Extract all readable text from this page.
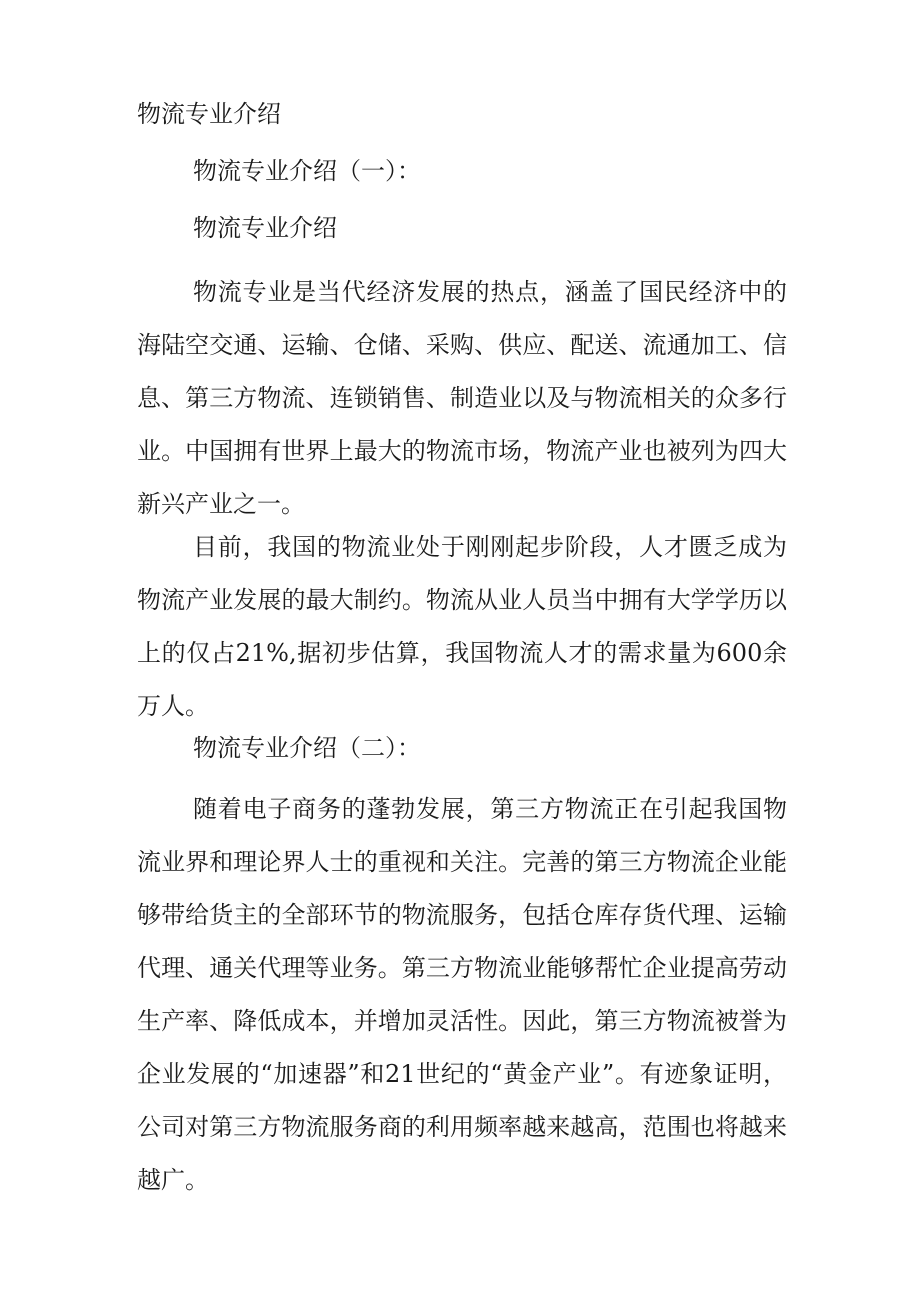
物流专业介绍
物流专业介绍（一）：
物流专业介绍

物流专业是当代经济发展的热点，涵盖了国民经济中的海陆空交通、运输、仓储、采购、供应、配送、流通加工、信息、第三方物流、连锁销售、制造业以及与物流相关的众多行业。中国拥有世界上最大的物流市场，物流产业也被列为四大新兴产业之一。

目前，我国的物流业处于刚刚起步阶段，人才匮乏成为物流产业发展的最大制约。物流从业人员当中拥有大学学历以上的仅占21%,据初步估算，我国物流人才的需求量为600余万人。

物流专业介绍（二）：

随着电子商务的蓬勃发展，第三方物流正在引起我国物流业界和理论界人士的重视和关注。完善的第三方物流企业能够带给货主的全部环节的物流服务，包括仓库存货代理、运输代理、通关代理等业务。第三方物流业能够帮忙企业提高劳动生产率、降低成本，并增加灵活性。因此，第三方物流被誉为企业发展的“加速器”和21世纪的“黄金产业”。有迹象证明，公司对第三方物流服务商的利用频率越来越高，范围也将越来越广。
